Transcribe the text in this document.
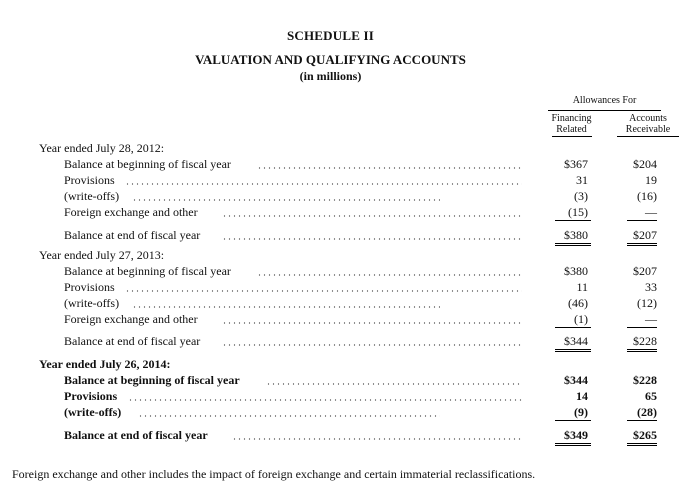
SCHEDULE II
VALUATION AND QUALIFYING ACCOUNTS
(in millions)
Allowances For
Financing
Related
Accounts
Receivable
Year ended July 28, 2012:
Balance at beginning of fiscal year	$367	$204
Provisions	31	19
(write-offs)	(3)	(16)
Foreign exchange and other	(15)	—
Balance at end of fiscal year	$380	$207
Year ended July 27, 2013:
Balance at beginning of fiscal year	$380	$207
Provisions	11	33
(write-offs)	(46)	(12)
Foreign exchange and other	(1)	—
Balance at end of fiscal year	$344	$228
Year ended July 26, 2014:
Balance at beginning of fiscal year	$344	$228
Provisions	14	65
(write-offs)	(9)	(28)
Balance at end of fiscal year	$349	$265
Foreign exchange and other includes the impact of foreign exchange and certain immaterial reclassifications.
